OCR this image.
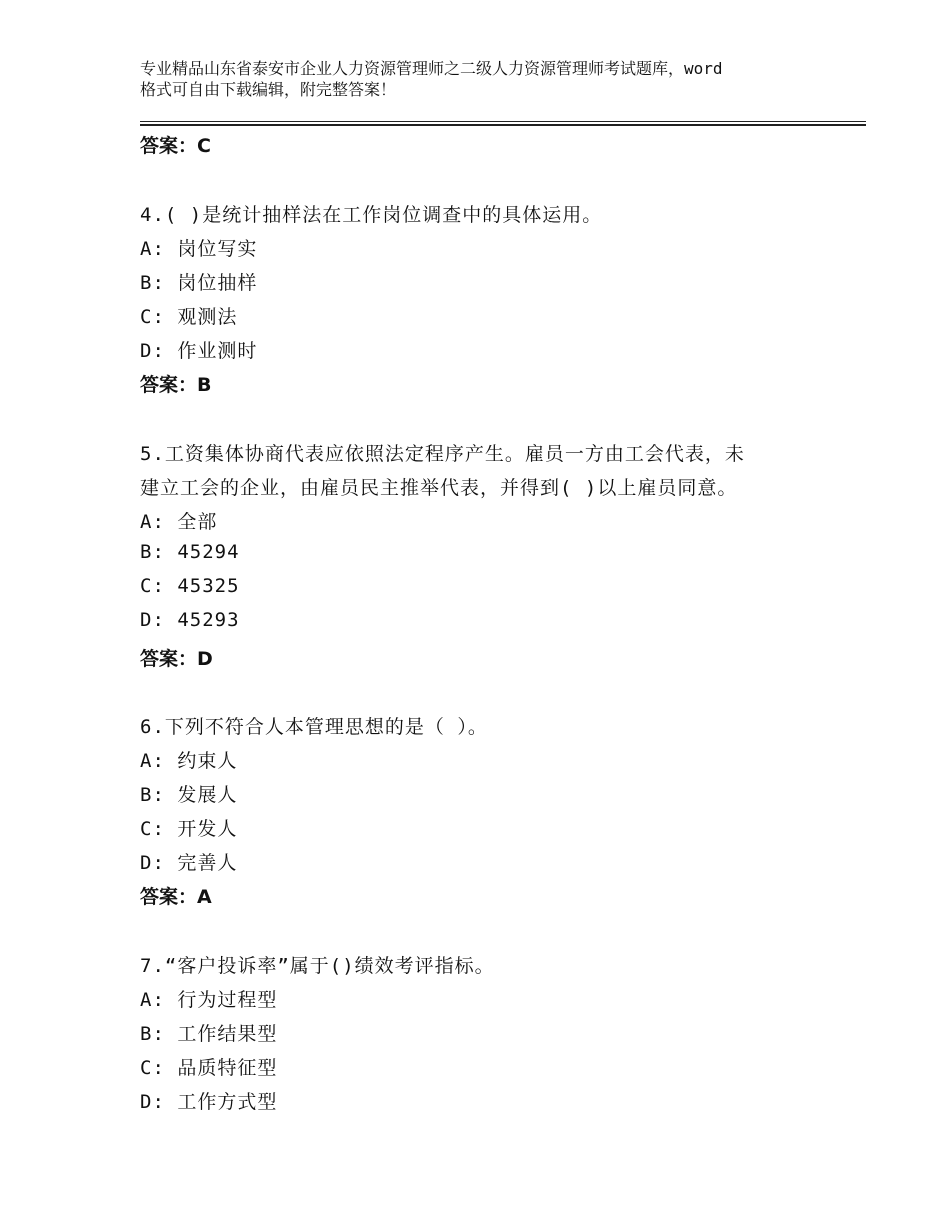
专业精品山东省泰安市企业人力资源管理师之二级人力资源管理师考试题库，word
格式可自由下载编辑，附完整答案！
答案：C
4.( )是统计抽样法在工作岗位调查中的具体运用。
A: 岗位写实
B: 岗位抽样
C: 观测法
D: 作业测时
答案：B
5.工资集体协商代表应依照法定程序产生。雇员一方由工会代表，未
建立工会的企业，由雇员民主推举代表，并得到( )以上雇员同意。
A: 全部
B: 45294
C: 45325
D: 45293
答案：D
6.下列不符合人本管理思想的是（ ）。
A: 约束人
B: 发展人
C: 开发人
D: 完善人
答案：A
7.“客户投诉率”属于()绩效考评指标。
A: 行为过程型
B: 工作结果型
C: 品质特征型
D: 工作方式型
